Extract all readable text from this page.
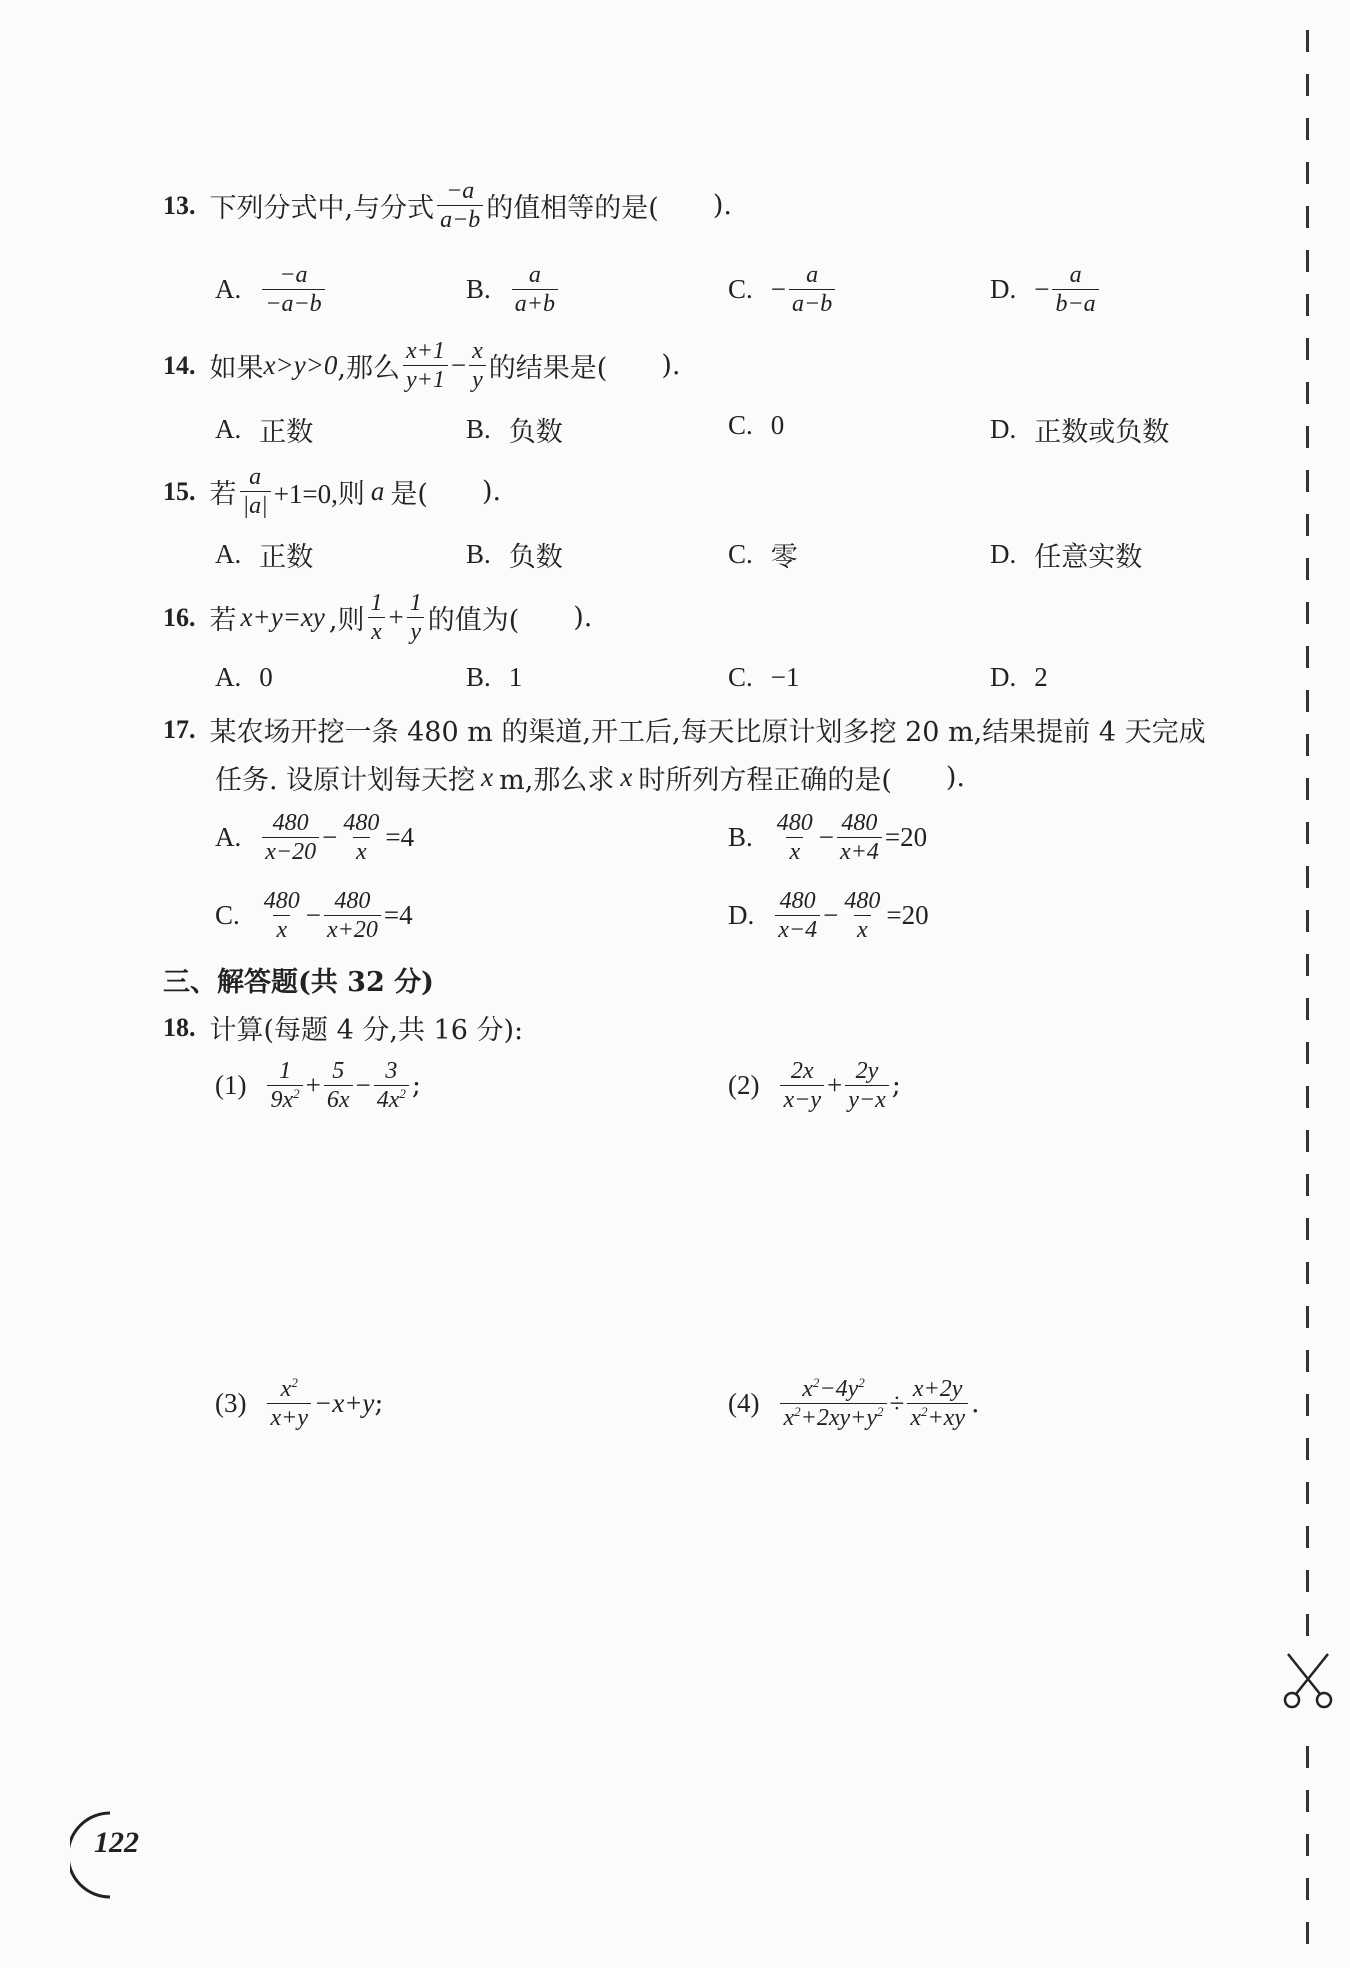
13. 下列分式中,与分式 $\frac{-a}{a-b}$ 的值相等的是( ).
A. $\frac{-a}{-a-b}$	B. $\frac{a}{a+b}$	C. − $\frac{a}{a-b}$	D. − $\frac{a}{b-a}$
14. 如果 x>y>0 ,那么 $\frac{x+1}{y+1} - \frac{x}{y}$ 的结果是( ).
A. 正数	B. 负数	C. 0	D. 正数或负数
15. 若 $\frac{a}{|a|} +1=0$,则 a 是( ).
A. 正数	B. 负数	C. 零	D. 任意实数
16. 若 x+y=xy ,则 $\frac{1}{x} + \frac{1}{y}$ 的值为( ).
A. 0	B. 1	C. −1	D. 2
17. 某农场开挖一条 480 m 的渠道,开工后,每天比原计划多挖 20 m,结果提前 4 天完成
任务. 设原计划每天挖 x m,那么求 x 时所列方程正确的是( ).
A. $\frac{480}{x-20} - \frac{480}{x} =4$	B. $\frac{480}{x} - \frac{480}{x+4} =20$
C. $\frac{480}{x} - \frac{480}{x+20} =4$	D. $\frac{480}{x-4} - \frac{480}{x} =20$
三、解答题(共 32 分)
18. 计算(每题 4 分,共 16 分):
$(1) \frac{1}{9x^2} + \frac{5}{6x} - \frac{3}{4x^2}$ ;	$(2) \frac{2x}{x-y} + \frac{2y}{y-x}$ ;
$(3) \frac{x^2}{x+y} -x+y$ ;	$(4) \frac{x^2-4y^2}{x^2+2xy+y^2} \div \frac{x+2y}{x^2+xy}$ .
122
